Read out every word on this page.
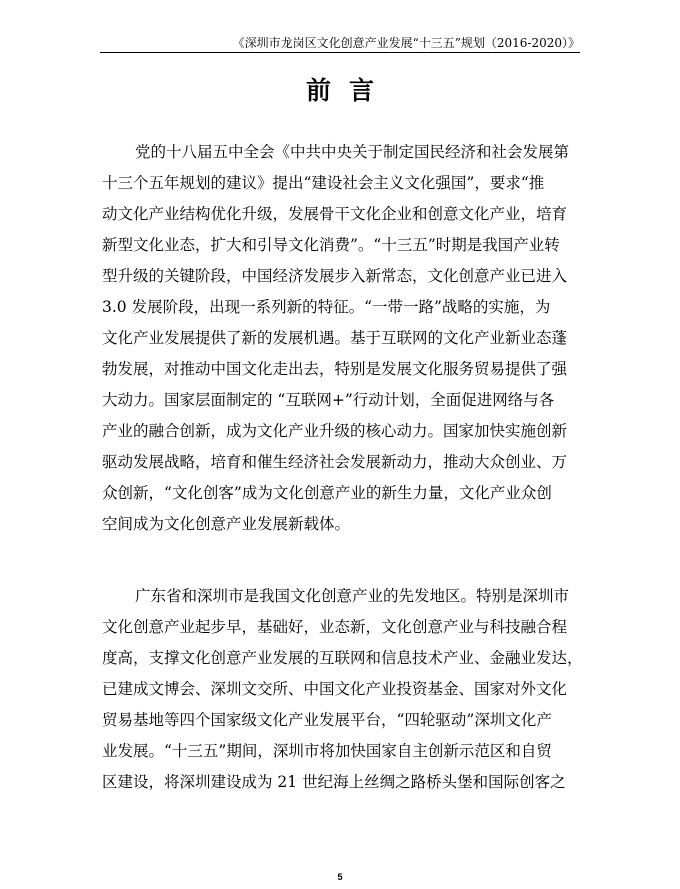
《深圳市龙岗区文化创意产业发展“十三五”规划（2016-2020）》
前言

党的十八届五中全会《中共中央关于制定国民经济和社会发展第
十三个五年规划的建议》提出“建设社会主义文化强国”，要求“推
动文化产业结构优化升级，发展骨干文化企业和创意文化产业，培育
新型文化业态，扩大和引导文化消费”。“十三五”时期是我国产业转
型升级的关键阶段，中国经济发展步入新常态，文化创意产业已进入
3.0 发展阶段，出现一系列新的特征。“一带一路”战略的实施，为
文化产业发展提供了新的发展机遇。基于互联网的文化产业新业态蓬
勃发展，对推动中国文化走出去，特别是发展文化服务贸易提供了强
大动力。国家层面制定的 “互联网+”行动计划，全面促进网络与各
产业的融合创新，成为文化产业升级的核心动力。国家加快实施创新
驱动发展战略，培育和催生经济社会发展新动力，推动大众创业、万
众创新，“文化创客”成为文化创意产业的新生力量，文化产业众创
空间成为文化创意产业发展新载体。

广东省和深圳市是我国文化创意产业的先发地区。特别是深圳市
文化创意产业起步早，基础好，业态新，文化创意产业与科技融合程
度高，支撑文化创意产业发展的互联网和信息技术产业、金融业发达，
已建成文博会、深圳文交所、中国文化产业投资基金、国家对外文化
贸易基地等四个国家级文化产业发展平台，“四轮驱动”深圳文化产
业发展。“十三五”期间，深圳市将加快国家自主创新示范区和自贸
区建设，将深圳建设成为 21 世纪海上丝绸之路桥头堡和国际创客之

5
